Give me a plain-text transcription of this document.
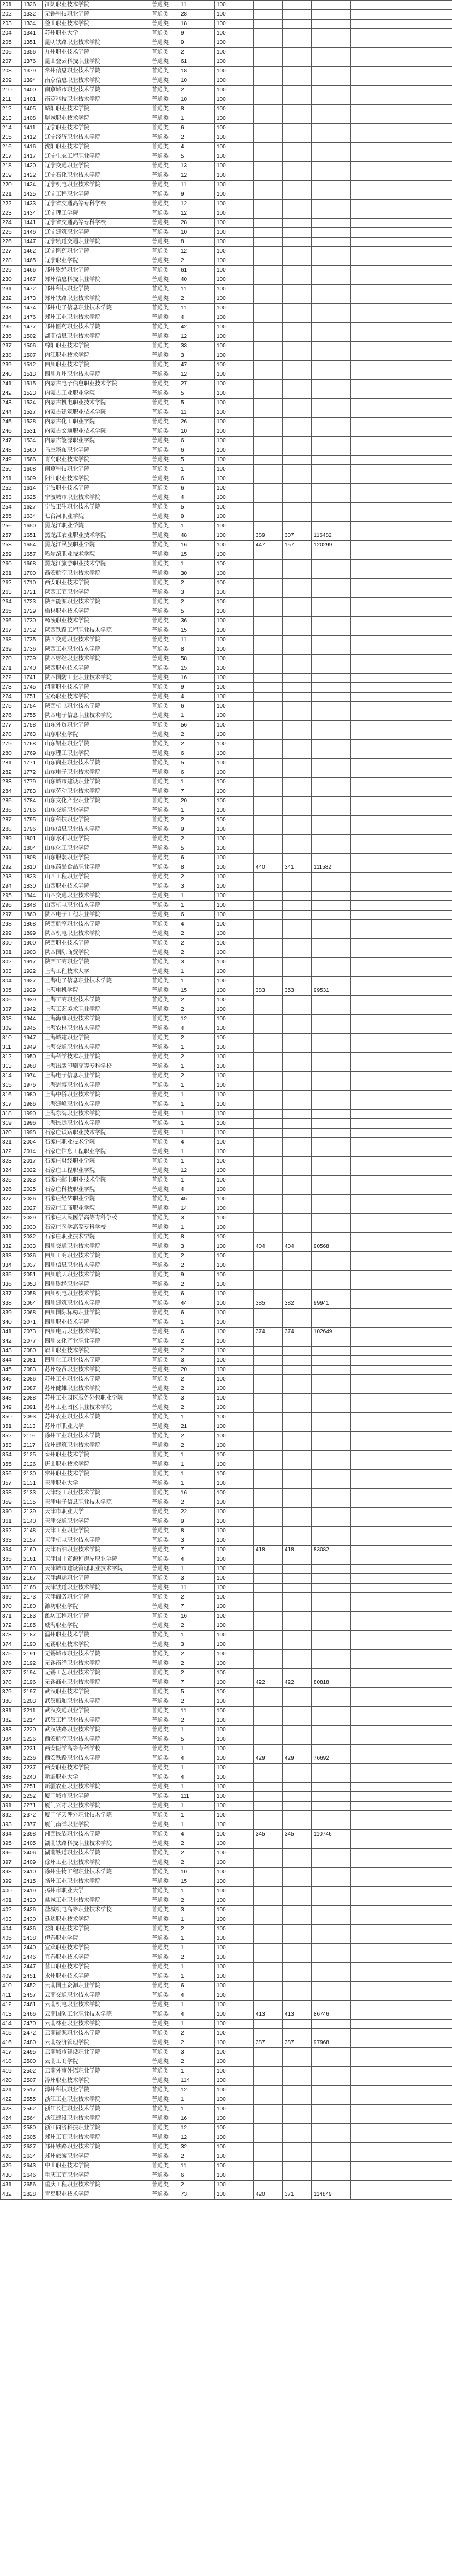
201	1326	江阴职业技术学院	普通类	11	100				
202	1332	无锡科技职业学院	普通类	28	100				
203	1334	釜山职业技术学院	普通类	18	100				
204	1341	苏州职业大学	普通类	9	100				
205	1351	昆明铁路职业技术学院	普通类	9	100				
206	1356	九州职业技术学院	普通类	2	100				
207	1376	昆山登云科技职业学院	普通类	61	100				
208	1379	常州信息职业技术学院	普通类	18	100				
209	1394	南京信息职业技术学院	普通类	10	100				
210	1400	南京城市职业技术学院	普通类	2	100				
211	1401	南京科技职业技术学院	普通类	10	100				
212	1405	城阳职业技术学院	普通类	8	100				
213	1408	聊城职业技术学院	普通类	1	100				
214	1411	辽宁职业技术学院	普通类	6	100				
215	1412	辽宁经济职业技术学院	普通类	2	100				
216	1416	沈阳职业技术学院	普通类	4	100				
217	1417	辽宁生态工程职业学院	普通类	5	100				
218	1420	辽宁交通职业学院	普通类	13	100				
219	1422	辽宁石化职业技术学院	普通类	12	100				
220	1424	辽宁机电职业技术学院	普通类	11	100				
221	1425	辽宁工程职业学院	普通类	9	100				
222	1433	辽宁省交通高等专科学校	普通类	12	100				
223	1434	辽宁理工学院	普通类	12	100				
224	1441	辽宁省交通高等专科学校	普通类	28	100				
225	1446	辽宁建筑职业学院	普通类	10	100				
226	1447	辽宁轨道交通职业学院	普通类	8	100				
227	1462	辽宁医药职业学院	普通类	12	100				
228	1465	辽宁职业学院	普通类	2	100				
229	1466	郑州财经职业学院	普通类	61	100				
230	1467	郑州信息科技职业学院	普通类	40	100				
231	1472	郑州科技职业学院	普通类	11	100				
232	1473	郑州铁路职业技术学院	普通类	2	100				
233	1474	郑州电子信息职业技术学院	普通类	11	100				
234	1476	郑州工业职业技术学院	普通类	4	100				
235	1477	郑州医药职业技术学院	普通类	42	100				
236	1502	湖南信息职业技术学院	普通类	12	100				
237	1506	绵阳职业技术学院	普通类	33	100				
238	1507	内江职业技术学院	普通类	3	100				
239	1512	四川职业技术学院	普通类	47	100				
240	1513	四川九州职业技术学院	普通类	12	100				
241	1515	内蒙古电子信息职业技术学院	普通类	27	100				
242	1523	内蒙古工业职业学院	普通类	5	100				
243	1524	内蒙古机电职业技术学院	普通类	5	100				
244	1527	内蒙古建筑职业技术学院	普通类	11	100				
245	1528	内蒙古化工职业学院	普通类	26	100				
246	1531	内蒙古交通职业技术学院	普通类	10	100				
247	1534	内蒙古能源职业学院	普通类	6	100				
248	1560	乌兰察布职业学院	普通类	6	100				
249	1566	青岛职业技术学院	普通类	5	100				
250	1608	南京科技职业学院	普通类	1	100				
251	1609	阳江职业技术学院	普通类	6	100				
252	1614	宁波职业技术学院	普通类	6	100				
253	1625	宁波城市职业技术学院	普通类	4	100				
254	1627	宁波卫生职业技术学院	普通类	5	100				
255	1634	七台河职业学院	普通类	9	100				
256	1650	黑龙江职业学院	普通类	1	100				
257	1651	黑龙江农业职业技术学院	普通类	48	100	389	307	116482	
258	1654	黑龙江民族职业学院	普通类	16	100	447	157	120299	
259	1657	哈尔滨职业技术学院	普通类	15	100				
260	1668	黑龙江旅游职业技术学院	普通类	1	100				
261	1700	西安航空职业技术学院	普通类	30	100				
262	1710	西安职业技术学院	普通类	2	100				
263	1721	陕西工商职业学院	普通类	3	100				
264	1723	陕西能源职业技术学院	普通类	2	100				
265	1729	榆林职业技术学院	普通类	5	100				
266	1730	杨凌职业技术学院	普通类	36	100				
267	1732	陕西铁路工程职业技术学院	普通类	15	100				
268	1735	陕西交通职业技术学院	普通类	11	100				
269	1736	陕西工业职业技术学院	普通类	8	100				
270	1739	陕西财经职业技术学院	普通类	58	100				
271	1740	陕西职业技术学院	普通类	15	100				
272	1741	陕西国防工业职业技术学院	普通类	16	100				
273	1745	渭南职业技术学院	普通类	9	100				
274	1751	宝鸡职业技术学院	普通类	4	100				
275	1754	陕西机电职业技术学院	普通类	6	100				
276	1755	陕西电子信息职业技术学院	普通类	1	100				
277	1758	山东外贸职业学院	普通类	56	100				
278	1763	山东职业学院	普通类	2	100				
279	1768	山东铝业职业学院	普通类	2	100				
280	1769	山东理工职业学院	普通类	6	100				
281	1771	山东商业职业技术学院	普通类	5	100				
282	1772	山东电子职业技术学院	普通类	6	100				
283	1779	山东城市建设职业学院	普通类	1	100				
284	1783	山东劳动职业技术学院	普通类	7	100				
285	1784	山东文化产业职业学院	普通类	20	100				
286	1786	山东交通职业学院	普通类	1	100				
287	1795	山东科技职业学院	普通类	2	100				
288	1796	山东信息职业技术学院	普通类	9	100				
289	1801	山东水利职业学院	普通类	2	100				
290	1804	山东化工职业学院	普通类	5	100				
291	1808	山东服装职业学院	普通类	6	100				
292	1810	山东药品食品职业学院	普通类	8	100	440	341	111582	
293	1823	山西工程职业学院	普通类	2	100				
294	1830	山西职业技术学院	普通类	3	100				
295	1844	山西交通职业技术学院	普通类	1	100				
296	1848	山西机电职业技术学院	普通类	1	100				
297	1860	陕西电子工程职业学院	普通类	6	100				
298	1868	陕西航空职业技术学院	普通类	4	100				
299	1899	陕西机电职业技术学院	普通类	2	100				
300	1900	陕西职业技术学院	普通类	2	100				
301	1903	陕西国际商贸学院	普通类	2	100				
302	1917	陕西工商职业学院	普通类	3	100				
303	1922	上海工程技术大学	普通类	1	100				
304	1927	上海电子信息职业技术学院	普通类	1	100				
305	1929	上海电机学院	普通类	15	100	383	353	99531	
306	1939	上海工商职业技术学院	普通类	2	100				
307	1942	上海工艺美术职业学院	普通类	2	100				
308	1944	上海海事职业技术学院	普通类	12	100				
309	1945	上海农林职业技术学院	普通类	4	100				
310	1947	上海城建职业学院	普通类	2	100				
311	1949	上海交通职业技术学院	普通类	1	100				
312	1950	上海科学技术职业学院	普通类	2	100				
313	1968	上海出版印刷高等专科学校	普通类	1	100				
314	1974	上海电子信息职业学院	普通类	2	100				
315	1976	上海思博职业技术学院	普通类	1	100				
316	1980	上海中侨职业技术学院	普通类	1	100				
317	1986	上海建峰职业技术学院	普通类	1	100				
318	1990	上海东海职业技术学院	普通类	1	100				
319	1996	上海民远职业技术学院	普通类	1	100				
320	1998	石家庄铁路职业技术学院	普通类	1	100				
321	2004	石家庄职业技术学院	普通类	4	100				
322	2014	石家庄信息工程职业学院	普通类	1	100				
323	2017	石家庄财经职业学院	普通类	1	100				
324	2022	石家庄工程职业学院	普通类	12	100				
325	2023	石家庄邮电职业技术学院	普通类	1	100				
326	2025	石家庄科技职业学院	普通类	4	100				
327	2026	石家庄经济职业学院	普通类	45	100				
328	2027	石家庄工商职业学院	普通类	14	100				
329	2029	石家庄人民医学高等专科学校	普通类	3	100				
330	2030	石家庄医学高等专科学校	普通类	1	100				
331	2032	石家庄职业技术学院	普通类	8	100				
332	2033	四川交通职业技术学院	普通类	3	100	404	404	90568	
333	2036	四川工商职业技术学院	普通类	2	100				
334	2037	四川信息职业技术学院	普通类	2	100				
335	2051	四川航天职业技术学院	普通类	9	100				
336	2053	四川财经职业学院	普通类	2	100				
337	2058	四川机电职业技术学院	普通类	6	100				
338	2064	四川建筑职业技术学院	普通类	44	100	385	382	99941	
339	2068	四川国际标榜职业学院	普通类	6	100				
340	2071	四川职业技术学院	普通类	1	100				
341	2073	四川电力职业技术学院	普通类	6	100	374	374	102649	
342	2077	四川文化产业职业学院	普通类	2	100				
343	2080	眉山职业技术学院	普通类	2	100				
344	2081	四川化工职业技术学院	普通类	3	100				
345	2083	苏州经贸职业技术学院	普通类	20	100				
346	2086	苏州工业职业技术学院	普通类	2	100				
347	2087	苏州健雄职业技术学院	普通类	2	100				
348	2088	苏州工业园区服务外包职业学院	普通类	3	100				
349	2091	苏州工业园区职业技术学院	普通类	2	100				
350	2093	苏州农业职业技术学院	普通类	1	100				
351	2113	苏州市职业大学	普通类	21	100				
352	2116	徐州工业职业技术学院	普通类	2	100				
353	2117	徐州建筑职业技术学院	普通类	2	100				
354	2125	泰州职业技术学院	普通类	1	100				
355	2126	唐山职业技术学院	普通类	1	100				
356	2130	常州职业技术学院	普通类	1	100				
357	2131	天津职业大学	普通类	1	100				
358	2133	天津轻工职业技术学院	普通类	16	100				
359	2135	天津电子信息职业技术学院	普通类	2	100				
360	2139	天津市职业大学	普通类	22	100				
361	2140	天津交通职业学院	普通类	9	100				
362	2148	天津工业职业学院	普通类	8	100				
363	2157	天津机电职业技术学院	普通类	3	100				
364	2160	天津石油职业技术学院	普通类	7	100	418	418	83082	
365	2161	天津国土资源和房屋职业学院	普通类	4	100				
366	2163	天津城市建设管理职业技术学院	普通类	1	100				
367	2167	天津海运职业学院	普通类	3	100				
368	2168	天津铁道职业技术学院	普通类	11	100				
369	2173	天津商务职业学院	普通类	2	100				
370	2180	潍坊职业学院	普通类	7	100				
371	2183	潍坊工程职业学院	普通类	16	100				
372	2185	威海职业学院	普通类	2	100				
373	2187	温州职业技术学院	普通类	1	100				
374	2190	无锡职业技术学院	普通类	3	100				
375	2191	无锡城市职业技术学院	普通类	2	100				
376	2192	无锡南洋职业技术学院	普通类	2	100				
377	2194	无锡工艺职业技术学院	普通类	2	100				
378	2196	无锡商业职业技术学院	普通类	7	100	422	422	80818	
379	2197	武汉职业技术学院	普通类	5	100				
380	2203	武汉船舶职业技术学院	普通类	2	100				
381	2211	武汉交通职业学院	普通类	11	100				
382	2214	武汉工程职业技术学院	普通类	2	100				
383	2220	武汉铁路职业技术学院	普通类	1	100				
384	2226	西安航空职业技术学院	普通类	5	100				
385	2231	西安医学高等专科学校	普通类	1	100				
386	2236	西安铁路职业技术学院	普通类	4	100	429	429	76692	
387	2237	西安职业技术学院	普通类	1	100				
388	2240	新疆职业大学	普通类	4	100				
389	2251	新疆农业职业技术学院	普通类	1	100				
390	2252	厦门城市职业学院	普通类	111	100				
391	2271	厦门兴才职业技术学院	普通类	1	100				
392	2372	厦门华天涉外职业技术学院	普通类	1	100				
393	2377	厦门南洋职业学院	普通类	1	100				
394	2398	湘西民族职业技术学院	普通类	4	100	345	345	110746	
395	2405	湖南铁路科技职业技术学院	普通类	2	100				
396	2406	湖南铁道职业技术学院	普通类	2	100				
397	2409	徐州工业职业技术学院	普通类	2	100				
398	2410	徐州生物工程职业技术学院	普通类	10	100				
399	2415	扬州工业职业技术学院	普通类	15	100				
400	2419	扬州市职业大学	普通类	1	100				
401	2420	盐城工业职业技术学院	普通类	2	100				
402	2426	盐城机电高等职业技术学校	普通类	3	100				
403	2430	延边职业技术学院	普通类	1	100				
404	2436	益阳职业技术学院	普通类	2	100				
405	2438	伊春职业学院	普通类	1	100				
406	2440	宜宾职业技术学院	普通类	1	100				
407	2446	宜春职业技术学院	普通类	2	100				
408	2447	营口职业技术学院	普通类	1	100				
409	2451	永州职业技术学院	普通类	1	100				
410	2452	云南国土资源职业学院	普通类	6	100				
411	2457	云南交通职业技术学院	普通类	4	100				
412	2461	云南机电职业技术学院	普通类	1	100				
413	2466	云南国防工业职业技术学院	普通类	4	100	413	413	86746	
414	2470	云南林业职业技术学院	普通类	1	100				
415	2472	云南能源职业技术学院	普通类	2	100				
416	2480	云南经济管理学院	普通类	2	100	387	387	97968	
417	2495	云南城市建设职业学院	普通类	3	100				
418	2500	云南工商学院	普通类	2	100				
419	2502	云南外事外语职业学院	普通类	1	100				
420	2507	漳州职业技术学院	普通类	114	100				
421	2517	漳州科技职业学院	普通类	12	100				
422	2555	浙江工业职业技术学院	普通类	1	100				
423	2562	浙江长征职业技术学院	普通类	1	100				
424	2564	浙江建设职业技术学院	普通类	16	100				
425	2580	浙江同济科技职业学院	普通类	12	100				
426	2605	郑州工商职业技术学院	普通类	12	100				
427	2627	郑州铁路职业技术学院	普通类	32	100				
428	2634	郑州旅游职业学院	普通类	2	100				
429	2643	中山职业技术学院	普通类	11	100				
430	2646	重庆工商职业学院	普通类	6	100				
431	2656	重庆工程职业技术学院	普通类	2	100				
432	2828	青岛职业技术学院	普通类	73	100	420	371	114849	
